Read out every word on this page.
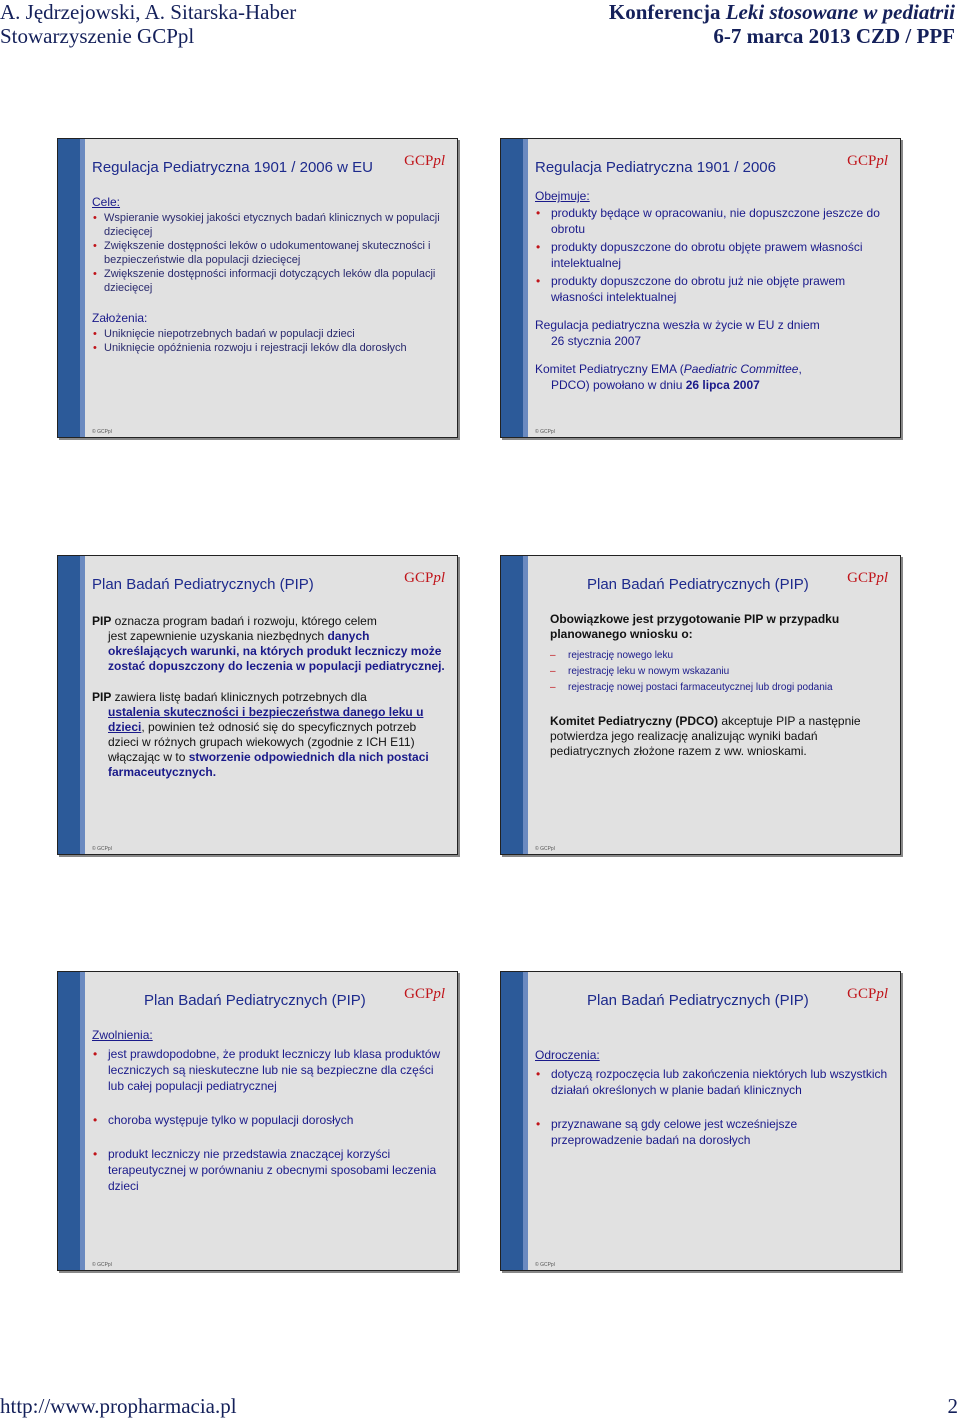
A. Jędrzejowski, A. Sitarska-Haber
Stowarzyszenie GCPpl
Konferencja Leki stosowane w pediatrii
6-7 marca 2013 CZD / PPF
Regulacja Pediatryczna 1901 / 2006 w EU GCPpl

Cele:

• Wspieranie wysokiej jakości etycznych badań klinicznych w populacji dziecięcej
• Zwiększenie dostępności leków o udokumentowanej skuteczności i bezpieczeństwie dla populacji dziecięcej
• Zwiększenie dostępności informacji dotyczących leków dla populacji dziecięcej

Założenia:

• Uniknięcie niepotrzebnych badań w populacji dzieci
• Uniknięcie opóźnienia rozwoju i rejestracji leków dla dorosłych
© GCPpl
Regulacja Pediatryczna 1901 / 2006	GCPpl

Obejmuje:

• produkty będące w opracowaniu, nie dopuszczone jeszcze do obrotu
• produkty dopuszczone do obrotu objęte prawem własności intelektualnej
• produkty dopuszczone do obrotu już nie objęte prawem własności intelektualnej
Regulacja pediatryczna weszła w życie w EU z dniem
26 stycznia 2007
Komitet Pediatryczny EMA (Paediatric Committee,
PDCO) powołano w dniu 26 lipca 2007
© GCPpl
Plan Badań Pediatrycznych (PIP)	GCPpl
PIP oznacza program badań i rozwoju, którego celem
jest zapewnienie uzyskania niezbędnych danych określających warunki, na których produkt leczniczy może zostać dopuszczony do leczenia w populacji pediatrycznej.
PIP zawiera listę badań klinicznych potrzebnych dla
ustalenia skuteczności i bezpieczeństwa danego leku u dzieci, powinien też odnosić się do specyficznych potrzeb dzieci w różnych grupach wiekowych (zgodnie z ICH E11) włączając w to stworzenie odpowiednich dla nich postaci farmaceutycznych.
© GCPpl
Plan Badań Pediatrycznych (PIP)	GCPpl
Obowiązkowe jest przygotowanie PIP w przypadku planowanego wniosku o:
– rejestrację nowego leku
– rejestrację leku w nowym wskazaniu
– rejestrację nowej postaci farmaceutycznej lub drogi podania
Komitet Pediatryczny (PDCO) akceptuje PIP a następnie potwierdza jego realizację analizując wyniki badań pediatrycznych złożone razem z ww. wnioskami.
© GCPpl
Plan Badań Pediatrycznych (PIP)	GCPpl

Zwolnienia:

• jest prawdopodobne, że produkt leczniczy lub klasa produktów leczniczych są nieskuteczne lub nie są bezpieczne dla części lub całej populacji pediatrycznej
• choroba występuje tylko w populacji dorosłych
• produkt leczniczy nie przedstawia znaczącej korzyści terapeutycznej w porównaniu z obecnymi sposobami leczenia dzieci
© GCPpl
Plan Badań Pediatrycznych (PIP)	GCPpl

Odroczenia:

• dotyczą rozpoczęcia lub zakończenia niektórych lub wszystkich działań określonych w planie badań klinicznych
• przyznawane są gdy celowe jest wcześniejsze przeprowadzenie badań na dorosłych
© GCPpl
http://www.propharmacia.pl	2
